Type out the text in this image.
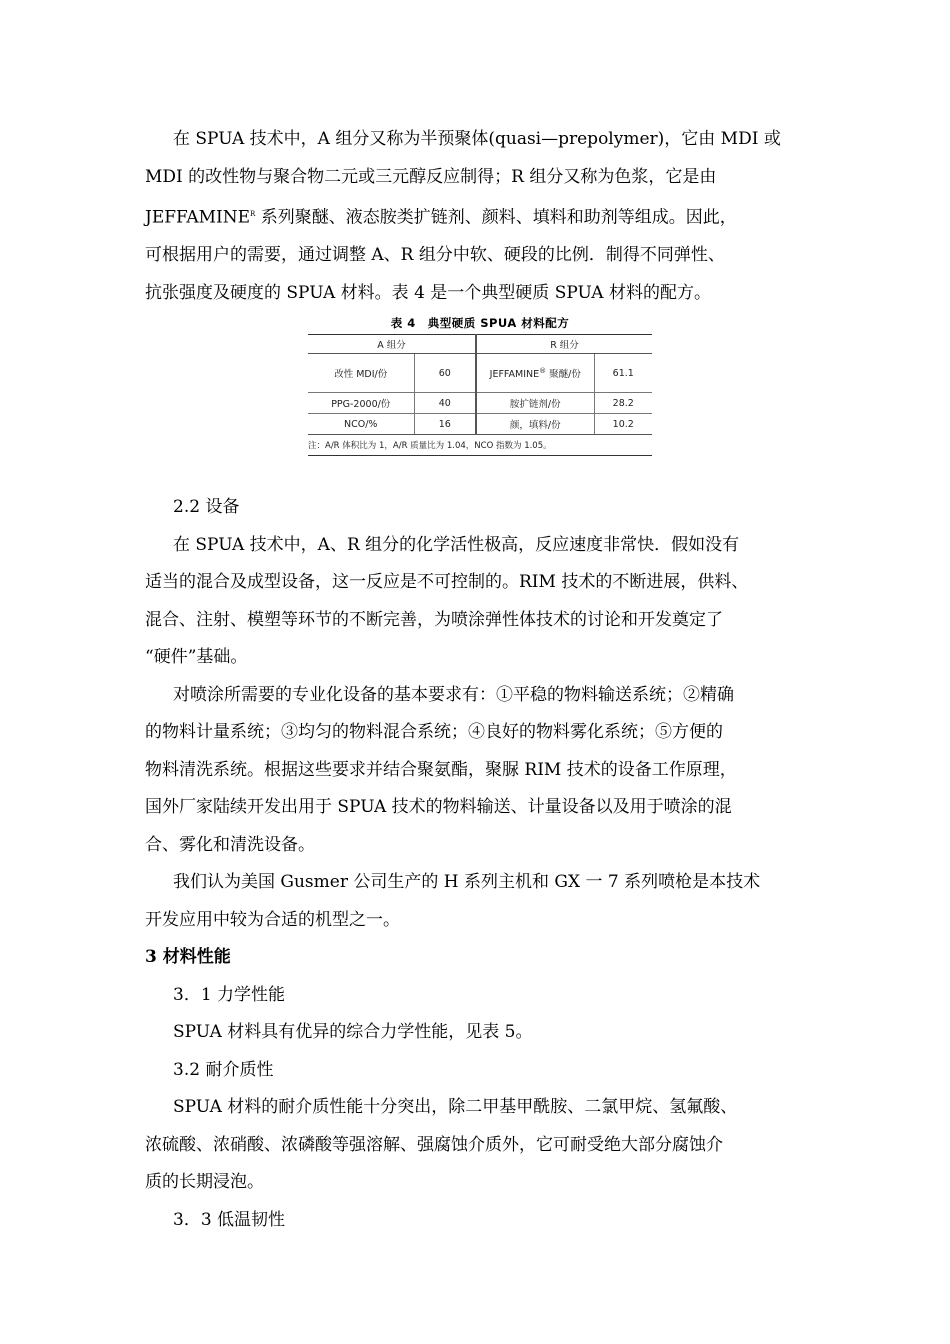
在 SPUA 技术中，A 组分又称为半预聚体(quasi—prepolymer)，它由 MDI 或

MDI 的改性物与聚合物二元或三元醇反应制得；R 组分又称为色浆，它是由

$JEFFAMINE^R$ 系列聚醚、液态胺类扩链剂、颜料、填料和助剂等组成。因此，

可根据用户的需要，通过调整 A、R 组分中软、硬段的比例．制得不同弹性、

抗张强度及硬度的 SPUA 材料。表 4 是一个典型硬质 SPUA 材料的配方。

表 4　典型硬质 SPUA 材料配方
A 组分		R 组分	
改性 MDI/份	60	JEFFAMINE® 聚醚/份	61.1
PPG-2000/份	40	胺扩链剂/份	28.2
NCO/%	16	颜，填料/份	10.2
注：A/R 体积比为 1，A/R 质量比为 1.04，NCO 指数为 1.05。			

2.2 设备

在 SPUA 技术中，A、R 组分的化学活性极高，反应速度非常快．假如没有

适当的混合及成型设备，这一反应是不可控制的。RIM 技术的不断进展，供料、

混合、注射、模塑等环节的不断完善，为喷涂弹性体技术的讨论和开发奠定了

“硬件”基础。

对喷涂所需要的专业化设备的基本要求有：①平稳的物料输送系统；②精确

的物料计量系统；③均匀的物料混合系统；④良好的物料雾化系统；⑤方便的

物料清洗系统。根据这些要求并结合聚氨酯，聚脲 RIM 技术的设备工作原理，

国外厂家陆续开发出用于 SPUA 技术的物料输送、计量设备以及用于喷涂的混

合、雾化和清洗设备。

我们认为美国 Gusmer 公司生产的 H 系列主机和 GX 一 7 系列喷枪是本技术

开发应用中较为合适的机型之一。

3 材料性能

3．1 力学性能

SPUA 材料具有优异的综合力学性能，见表 5。

3.2 耐介质性

SPUA 材料的耐介质性能十分突出，除二甲基甲酰胺、二氯甲烷、氢氟酸、

浓硫酸、浓硝酸、浓磷酸等强溶解、强腐蚀介质外，它可耐受绝大部分腐蚀介

质的长期浸泡。

3．3 低温韧性
